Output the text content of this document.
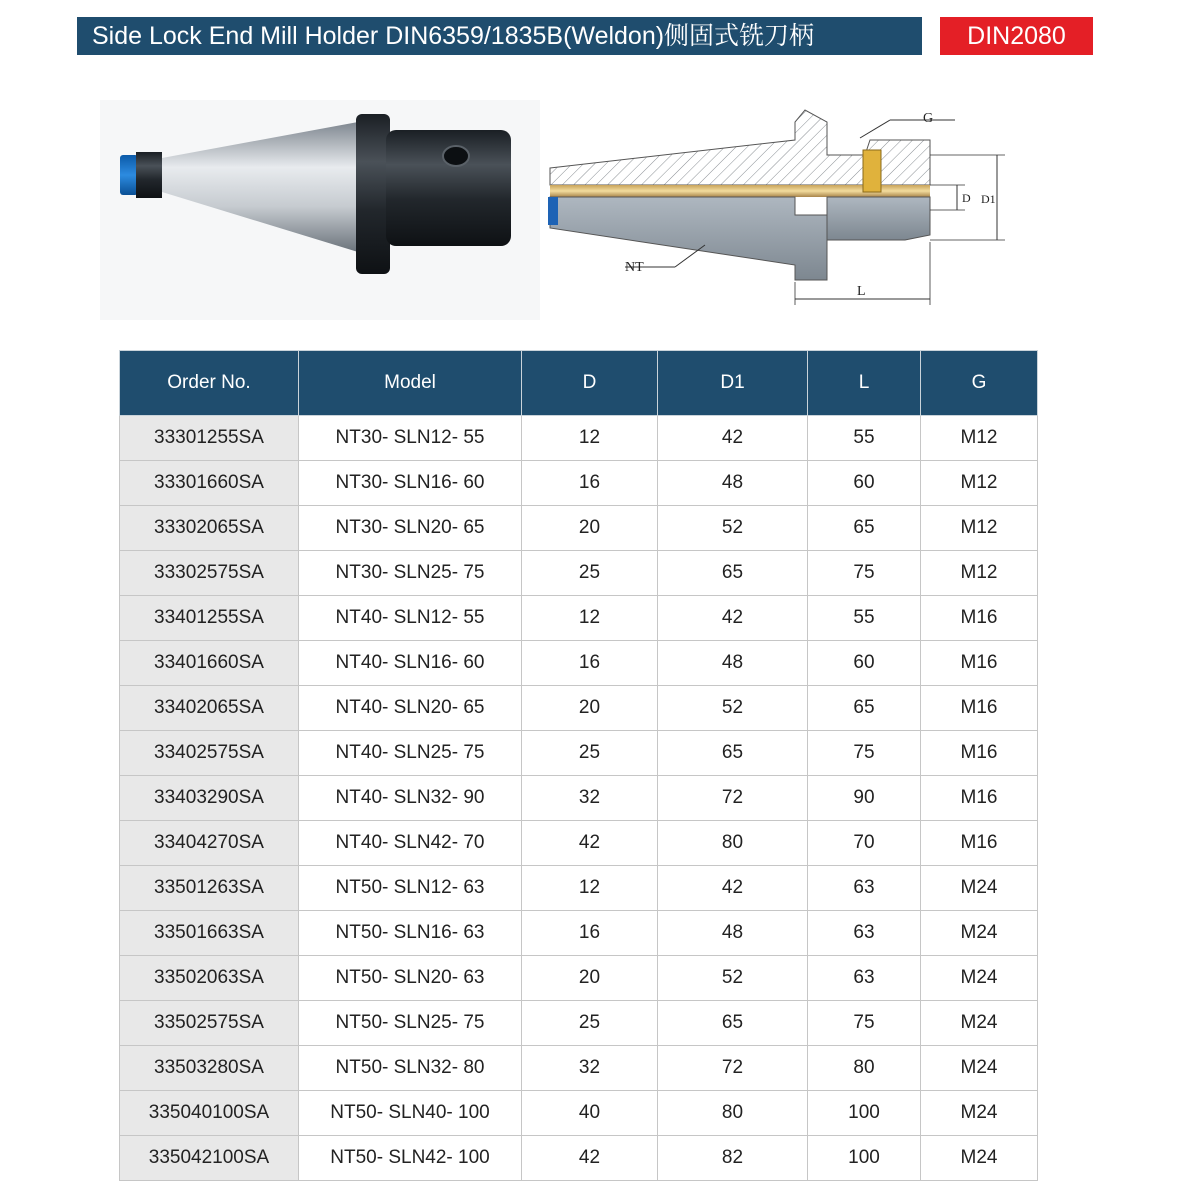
Side Lock End Mill Holder DIN6359/1835B(Weldon)侧固式铣刀柄	DIN2080
G
D D1
NT
L
Order No.	Model	D	D1	L	G
33301255SA	NT30- SLN12- 55	12	42	55	M12
33301660SA	NT30- SLN16- 60	16	48	60	M12
33302065SA	NT30- SLN20- 65	20	52	65	M12
33302575SA	NT30- SLN25- 75	25	65	75	M12
33401255SA	NT40- SLN12- 55	12	42	55	M16
33401660SA	NT40- SLN16- 60	16	48	60	M16
33402065SA	NT40- SLN20- 65	20	52	65	M16
33402575SA	NT40- SLN25- 75	25	65	75	M16
33403290SA	NT40- SLN32- 90	32	72	90	M16
33404270SA	NT40- SLN42- 70	42	80	70	M16
33501263SA	NT50- SLN12- 63	12	42	63	M24
33501663SA	NT50- SLN16- 63	16	48	63	M24
33502063SA	NT50- SLN20- 63	20	52	63	M24
33502575SA	NT50- SLN25- 75	25	65	75	M24
33503280SA	NT50- SLN32- 80	32	72	80	M24
335040100SA	NT50- SLN40- 100	40	80	100	M24
335042100SA	NT50- SLN42- 100	42	82	100	M24
